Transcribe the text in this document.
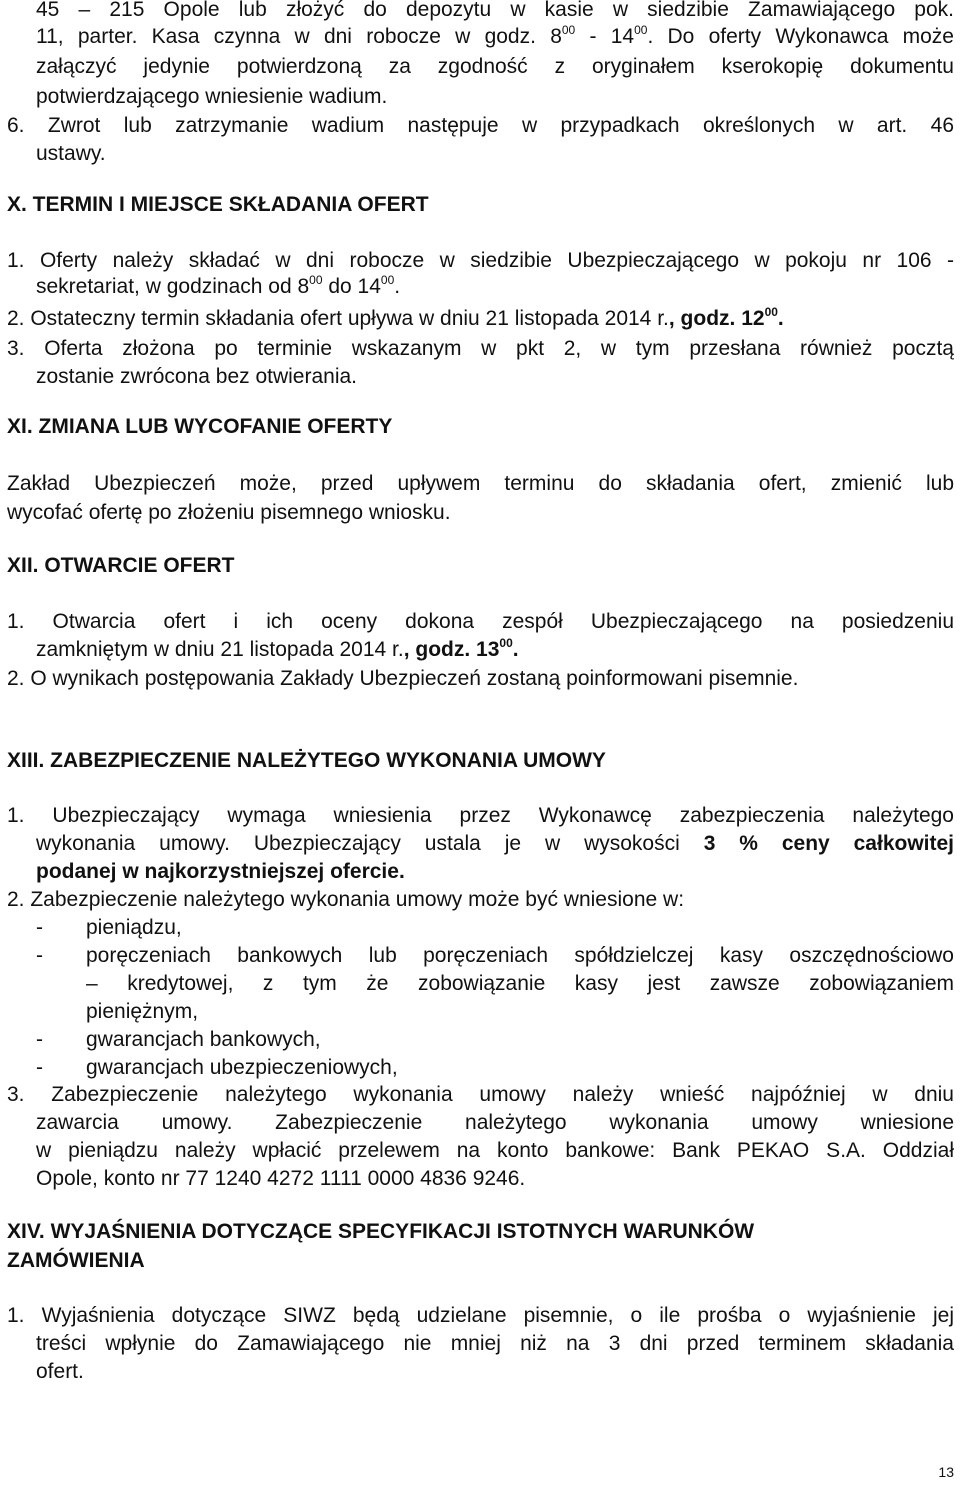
45 – 215 Opole lub złożyć do depozytu w kasie w siedzibie Zamawiającego pok.
11, parter. Kasa czynna w dni robocze w godz. $8^{00} - 14^{00}$. Do oferty Wykonawca może
załączyć jedynie potwierdzoną za zgodność z oryginałem kserokopię dokumentu
potwierdzającego wniesienie wadium.
6. Zwrot lub zatrzymanie wadium następuje w przypadkach określonych w art. 46
ustawy.
X. TERMIN I MIEJSCE SKŁADANIA OFERT
1. Oferty należy składać w dni robocze w siedzibie Ubezpieczającego w pokoju nr 106 -
sekretariat, w godzinach od $8^{00}$ do $14^{00}$.
2. Ostateczny termin składania ofert upływa w dniu 21 listopada 2014 r., godz. $12^{00}$.
3. Oferta złożona po terminie wskazanym w pkt 2, w tym przesłana również pocztą
zostanie zwrócona bez otwierania.
XI. ZMIANA LUB WYCOFANIE OFERTY
Zakład Ubezpieczeń może, przed upływem terminu do składania ofert, zmienić lub
wycofać ofertę po złożeniu pisemnego wniosku.
XII. OTWARCIE OFERT
1. Otwarcia ofert i ich oceny dokona zespół Ubezpieczającego na posiedzeniu
zamkniętym w dniu 21 listopada 2014 r., godz. $13^{00}$.
2. O wynikach postępowania Zakłady Ubezpieczeń zostaną poinformowani pisemnie.
XIII. ZABEZPIECZENIE NALEŻYTEGO WYKONANIA UMOWY
1. Ubezpieczający wymaga wniesienia przez Wykonawcę zabezpieczenia należytego
wykonania umowy. Ubezpieczający ustala je w wysokości 3 % ceny całkowitej
podanej w najkorzystniejszej ofercie.
2. Zabezpieczenie należytego wykonania umowy może być wniesione w:
- pieniądzu,
- poręczeniach bankowych lub poręczeniach spółdzielczej kasy oszczędnościowo
– kredytowej, z tym że zobowiązanie kasy jest zawsze zobowiązaniem
pieniężnym,
- gwarancjach bankowych,
- gwarancjach ubezpieczeniowych,
3. Zabezpieczenie należytego wykonania umowy należy wnieść najpóźniej w dniu
zawarcia umowy. Zabezpieczenie należytego wykonania umowy wniesione
w pieniądzu należy wpłacić przelewem na konto bankowe: Bank PEKAO S.A. Oddział
Opole, konto nr 77 1240 4272 1111 0000 4836 9246.
XIV. WYJAŚNIENIA DOTYCZĄCE SPECYFIKACJI ISTOTNYCH WARUNKÓW
ZAMÓWIENIA
1. Wyjaśnienia dotyczące SIWZ będą udzielane pisemnie, o ile prośba o wyjaśnienie jej
treści wpłynie do Zamawiającego nie mniej niż na 3 dni przed terminem składania
ofert.
13
